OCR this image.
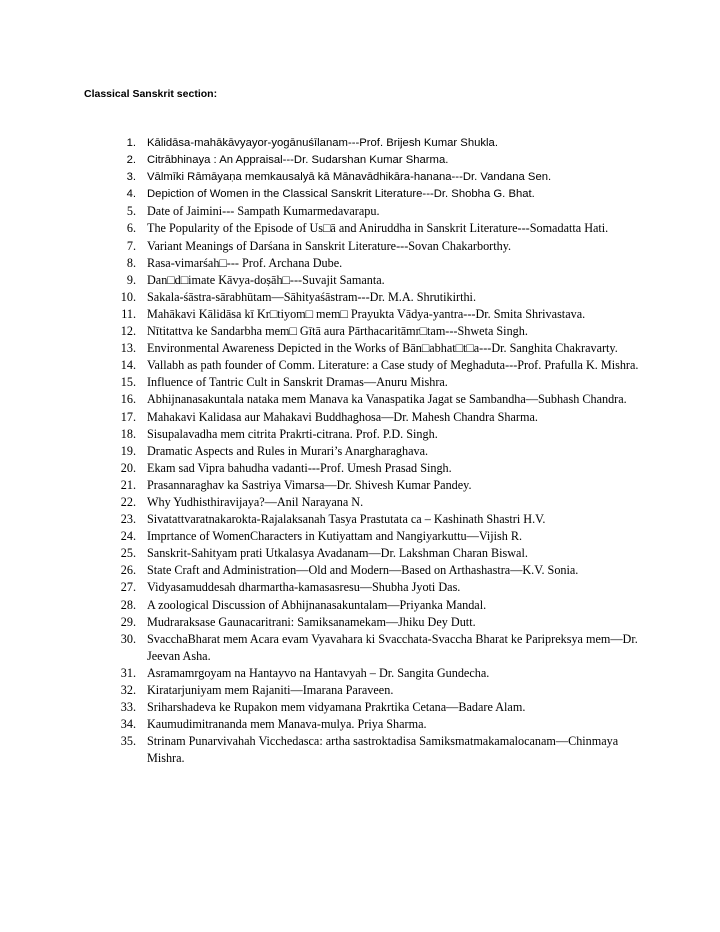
Classical Sanskrit section:
1. Kālidāsa-mahākāvyayor-yogānuśīlanam---Prof. Brijesh Kumar Shukla.
2. Citrābhinaya : An Appraisal---Dr. Sudarshan Kumar Sharma.
3. Vālmīki Rāmāyaṇa memkausalyā kā Mānavādhikāra-hanana---Dr. Vandana Sen.
4. Depiction of Women in the Classical Sanskrit Literature---Dr. Shobha G. Bhat.
5. Date of Jaimini--- Sampath Kumarmedavarapu.
6. The Popularity of the Episode of Us□ā and Aniruddha in Sanskrit Literature---Somadatta Hati.
7. Variant Meanings of Darśana in Sanskrit Literature---Sovan Chakarborthy.
8. Rasa-vimarśah□--- Prof. Archana Dube.
9. Dan□d□imate Kāvya-doṣāh□---Suvajit Samanta.
10. Sakala-śāstra-sārabhūtam—Sāhityaśāstram---Dr. M.A. Shrutikirthi.
11. Mahākavi Kālidāsa kī Kr□tiyom□ mem□ Prayukta Vādya-yantra---Dr. Smita Shrivastava.
12. Nītitattva ke Sandarbha mem□ Gītā aura Pārthacaritāmr□tam---Shweta Singh.
13. Environmental Awareness Depicted in the Works of Bān□abhat□t□a---Dr. Sanghita Chakravarty.
14. Vallabh as path founder of Comm. Literature: a Case study of Meghaduta---Prof. Prafulla K. Mishra.
15. Influence of Tantric Cult in Sanskrit Dramas—Anuru Mishra.
16. Abhijnanasakuntala nataka mem Manava ka Vanaspatika Jagat se Sambandha—Subhash Chandra.
17. Mahakavi Kalidasa aur Mahakavi Buddhaghosa—Dr. Mahesh Chandra Sharma.
18. Sisupalavadha mem citrita Prakrti-citrana. Prof. P.D. Singh.
19. Dramatic Aspects and Rules in Murari’s Anargharaghava.
20. Ekam sad Vipra bahudha vadanti---Prof. Umesh Prasad Singh.
21. Prasannaraghav ka Sastriya Vimarsa—Dr. Shivesh Kumar Pandey.
22. Why Yudhisthiravijaya?—Anil Narayana N.
23. Sivatattvaratnakarokta-Rajalaksanah Tasya Prastutata ca – Kashinath Shastri H.V.
24. Imprtance of WomenCharacters in Kutiyattam and Nangiyarkuttu—Vijish R.
25. Sanskrit-Sahityam prati Utkalasya Avadanam—Dr. Lakshman Charan Biswal.
26. State Craft and Administration—Old and Modern—Based on Arthashastra—K.V. Sonia.
27. Vidyasamuddesah dharmartha-kamasasresu—Shubha Jyoti Das.
28. A zoological Discussion of Abhijnanasakuntalam—Priyanka Mandal.
29. Mudraraksase Gaunacaritrani: Samiksanamekam—Jhiku Dey Dutt.
30. SvacchaBharat mem Acara evam Vyavahara ki Svacchata-Svaccha Bharat ke Paripreksya mem—Dr. Jeevan Asha.
31. Asramamrgoyam na Hantayvo na Hantavyah – Dr. Sangita Gundecha.
32. Kiratarjuniyam mem Rajaniti—Imarana Paraveen.
33. Sriharshadeva ke Rupakon mem vidyamana Prakrtika Cetana—Badare Alam.
34. Kaumudimitrananda mem Manava-mulya. Priya Sharma.
35. Strinam Punarvivahah Vicchedasca: artha sastroktadisa Samiksmatmakamalocanam—Chinmaya Mishra.
